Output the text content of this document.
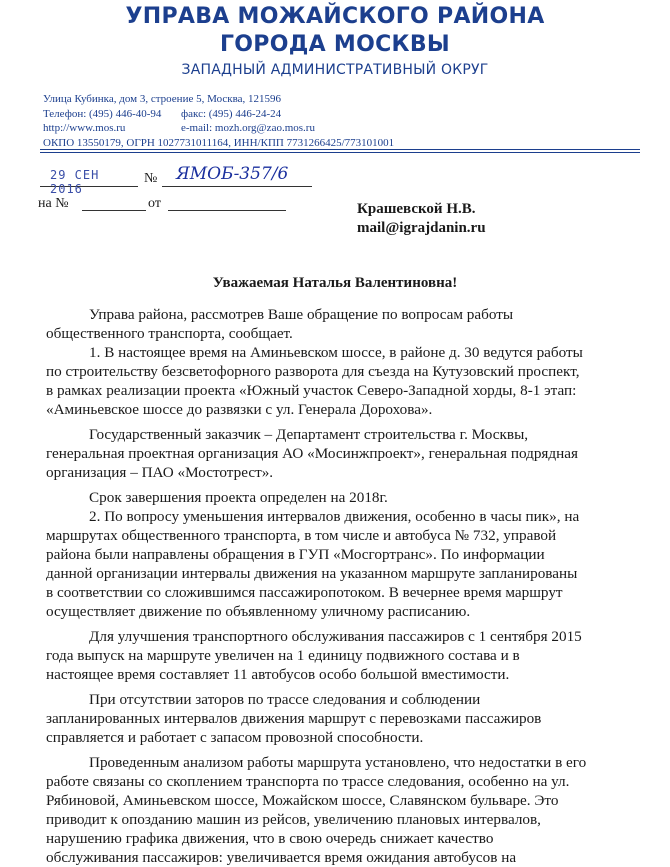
УПРАВА МОЖАЙСКОГО РАЙОНА
ГОРОДА МОСКВЫ
ЗАПАДНЫЙ АДМИНИСТРАТИВНЫЙ ОКРУГ
Улица Кубинка, дом 3, строение 5, Москва, 121596
Телефон: (495) 446-40-94 факс: (495) 446-24-24
http://www.mos.ru	e-mail: mozh.org@zao.mos.ru
ОКПО 13550179, ОГРН 1027731011164, ИНН/КПП 7731266425/773101001
29 СЕН 2016
№ ЯМОБ-357/6
на №	от	Крашевской Н.В.
mail@igrajdanin.ru
Уважаемая Наталья Валентиновна!

Управа района, рассмотрев Ваше обращение по вопросам работы

общественного транспорта, сообщает.

1. В настоящее время на Аминьевском шоссе, в районе д. 30 ведутся работы

по строительству безсветофорного разворота для съезда на Кутузовский проспект,

в рамках реализации проекта «Южный участок Северо-Западной хорды, 8-1 этап:

«Аминьевское шоссе до развязки с ул. Генерала Дорохова».

Государственный заказчик – Департамент строительства г. Москвы,

генеральная проектная организация АО «Мосинжпроект», генеральная подрядная

организация – ПАО «Мостотрест».

Срок завершения проекта определен на 2018г.

2. По вопросу уменьшения интервалов движения, особенно в часы пик», на

маршрутах общественного транспорта, в том числе и автобуса № 732, управой

района были направлены обращения в ГУП «Мосгортранс». По информации

данной организации интервалы движения на указанном маршруте запланированы

в соответствии со сложившимся пассажиропотоком. В вечернее время маршрут

осуществляет движение по объявленному уличному расписанию.

Для улучшения транспортного обслуживания пассажиров с 1 сентября 2015

года выпуск на маршруте увеличен на 1 единицу подвижного состава и в

настоящее время составляет 11 автобусов особо большой вместимости.

При отсутствии заторов по трассе следования и соблюдении

запланированных интервалов движения маршрут с перевозками пассажиров

справляется и работает с запасом провозной способности.

Проведенным анализом работы маршрута установлено, что недостатки в его

работе связаны со скоплением транспорта по трассе следования, особенно на ул.

Рябиновой, Аминьевском шоссе, Можайском шоссе, Славянском бульваре. Это

приводит к опозданию машин из рейсов, увеличению плановых интервалов,

нарушению графика движения, что в свою очередь снижает качество

обслуживания пассажиров: увеличивается время ожидания автобусов на
